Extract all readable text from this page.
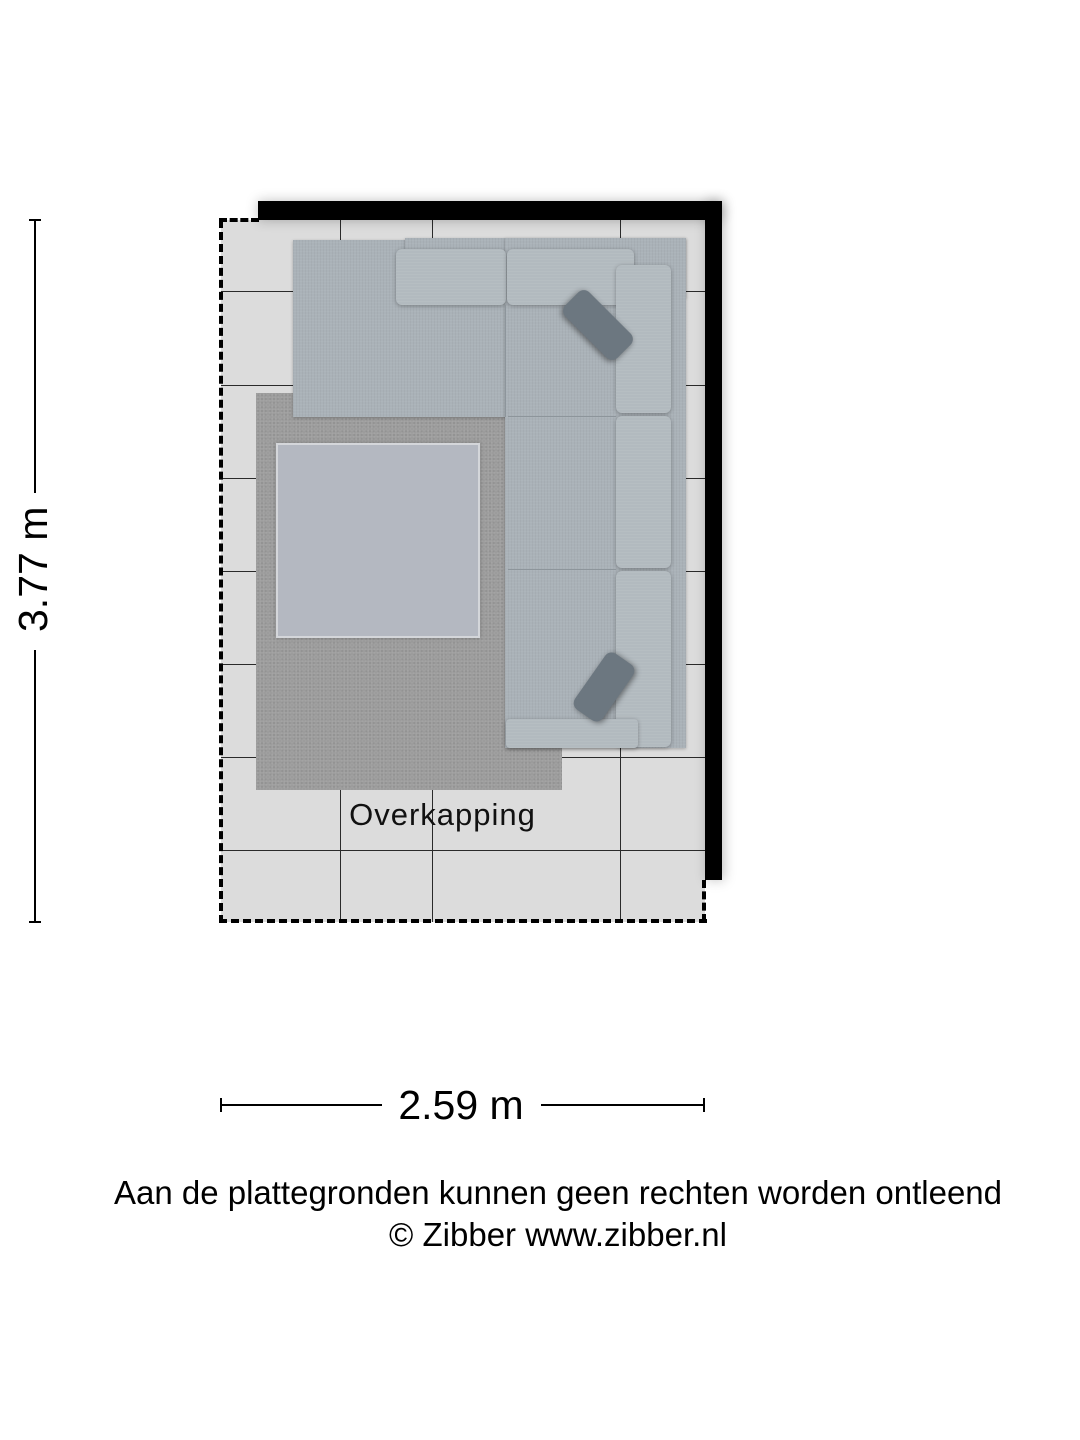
Overkapping
3.77 m
2.59 m
Aan de plattegronden kunnen geen rechten worden ontleend
© Zibber www.zibber.nl
